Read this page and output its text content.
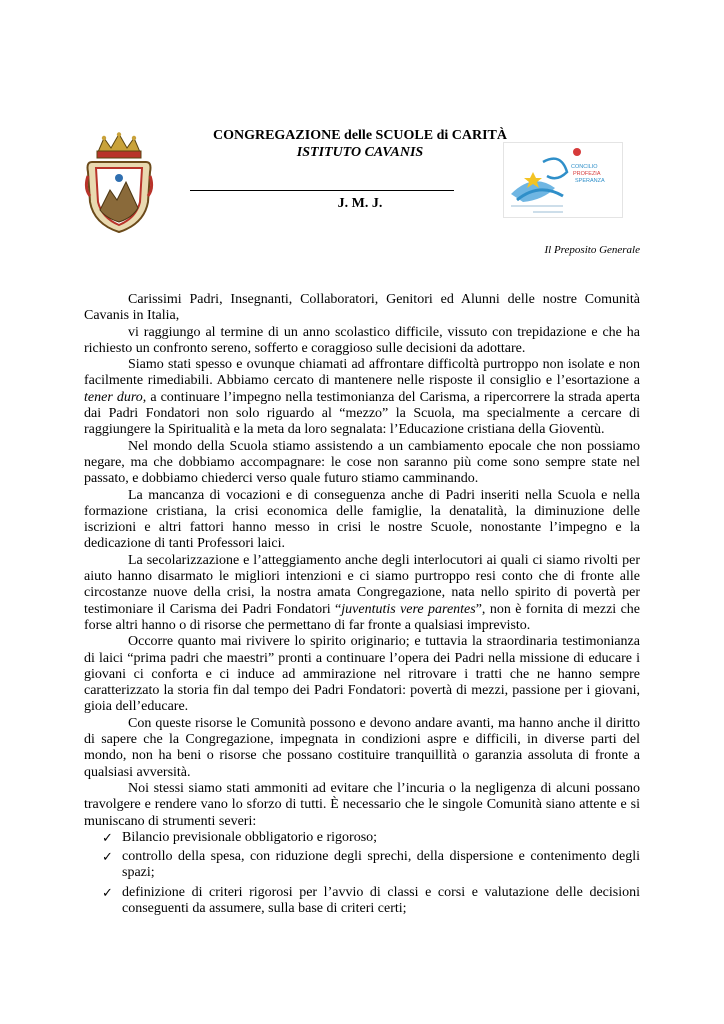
CONGREGAZIONE delle SCUOLE di CARITÀ
ISTITUTO CAVANIS
J. M. J.
CONCILIO
PROFEZIA
SPERANZA
Il Preposito Generale

Carissimi Padri, Insegnanti, Collaboratori, Genitori ed Alunni delle nostre Comunità Cavanis in Italia,

vi raggiungo al termine di un anno scolastico difficile, vissuto con trepidazione e che ha richiesto un confronto sereno, sofferto e coraggioso sulle decisioni da adottare.

Siamo stati spesso e ovunque chiamati ad affrontare difficoltà purtroppo non isolate e non facilmente rimediabili. Abbiamo cercato di mantenere nelle risposte il consiglio e l’esortazione a tener duro, a continuare l’impegno nella testimonianza del Carisma, a ripercorrere la strada aperta dai Padri Fondatori non solo riguardo al “mezzo” la Scuola, ma specialmente a cercare di raggiungere la Spiritualità e la meta da loro segnalata: l’Educazione cristiana della Gioventù.

Nel mondo della Scuola stiamo assistendo a un cambiamento epocale che non possiamo negare, ma che dobbiamo accompagnare: le cose non saranno più come sono sempre state nel passato, e dobbiamo chiederci verso quale futuro stiamo camminando.

La mancanza di vocazioni e di conseguenza anche di Padri inseriti nella Scuola e nella formazione cristiana, la crisi economica delle famiglie, la denatalità, la diminuzione delle iscrizioni e altri fattori hanno messo in crisi le nostre Scuole, nonostante l’impegno e la dedicazione di tanti Professori laici.

La secolarizzazione e l’atteggiamento anche degli interlocutori ai quali ci siamo rivolti per aiuto hanno disarmato le migliori intenzioni e ci siamo purtroppo resi conto che di fronte alle circostanze nuove della crisi, la nostra amata Congregazione, nata nello spirito di povertà per testimoniare il Carisma dei Padri Fondatori “juventutis vere parentes”, non è fornita di mezzi che forse altri hanno o di risorse che permettano di far fronte a qualsiasi imprevisto.

Occorre quanto mai rivivere lo spirito originario; e tuttavia la straordinaria testimonianza di laici “prima padri che maestri” pronti a continuare l’opera dei Padri nella missione di educare i giovani ci conforta e ci induce ad ammirazione nel ritrovare i tratti che ne hanno sempre caratterizzato la storia fin dal tempo dei Padri Fondatori: povertà di mezzi, passione per i giovani, gioia dell’educare.

Con queste risorse le Comunità possono e devono andare avanti, ma hanno anche il diritto di sapere che la Congregazione, impegnata in condizioni aspre e difficili, in diverse parti del mondo, non ha beni o risorse che possano costituire tranquillità o garanzia assoluta di fronte a qualsiasi avversità.

Noi stessi siamo stati ammoniti ad evitare che l’incuria o la negligenza di alcuni possano travolgere e rendere vano lo sforzo di tutti. È necessario che le singole Comunità siano attente e si muniscano di strumenti severi:

✓ Bilancio previsionale obbligatorio e rigoroso;
✓ controllo della spesa, con riduzione degli sprechi, della dispersione e contenimento degli spazi;
✓ definizione di criteri rigorosi per l’avvio di classi e corsi e valutazione delle decisioni conseguenti da assumere, sulla base di criteri certi;
